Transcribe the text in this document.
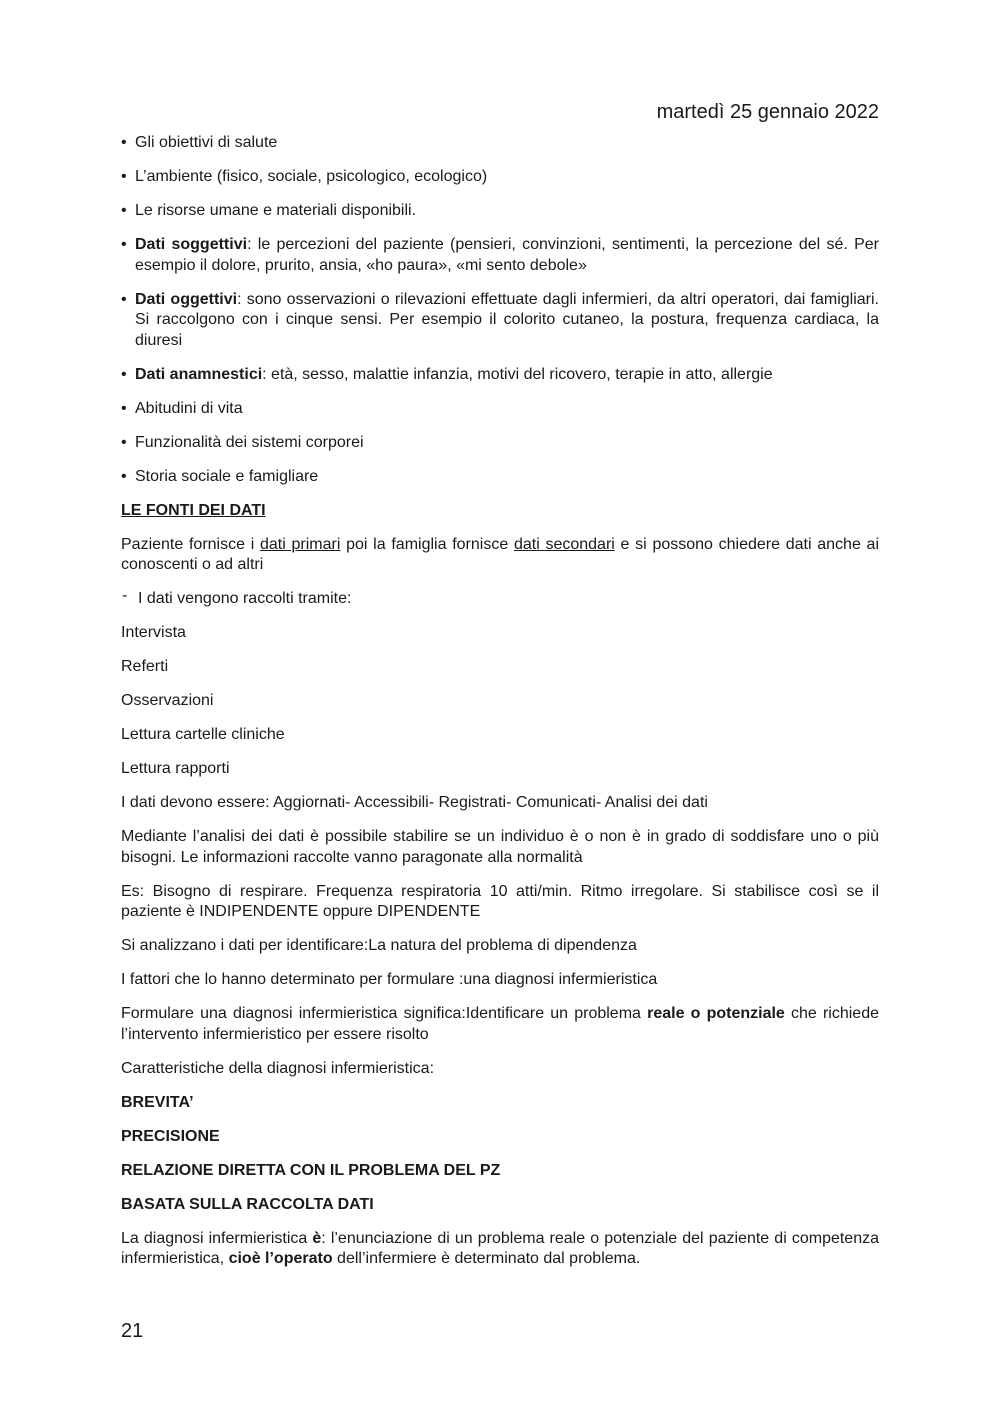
martedì 25 gennaio 2022
• Gli obiettivi di salute
• L’ambiente (fisico, sociale, psicologico, ecologico)
• Le risorse umane e materiali disponibili.
• Dati soggettivi: le percezioni del paziente (pensieri, convinzioni, sentimenti, la percezione del sé. Per esempio il dolore, prurito, ansia, «ho paura», «mi sento debole»
• Dati oggettivi: sono osservazioni o rilevazioni effettuate dagli infermieri, da altri operatori, dai famigliari. Si raccolgono con i cinque sensi. Per esempio il colorito cutaneo, la postura, frequenza cardiaca, la diuresi
• Dati anamnestici: età, sesso, malattie infanzia, motivi del ricovero, terapie in atto, allergie
• Abitudini di vita
• Funzionalità dei sistemi corporei
• Storia sociale e famigliare
LE FONTI DEI DATI
Paziente fornisce i dati primari poi la famiglia fornisce dati secondari e si possono chiedere dati anche ai conoscenti o ad altri
- I dati vengono raccolti tramite:
Intervista
Referti
Osservazioni
Lettura cartelle cliniche
Lettura rapporti
I dati devono essere: Aggiornati- Accessibili- Registrati- Comunicati- Analisi dei dati
Mediante l’analisi dei dati è possibile stabilire se un individuo è o non è in grado di soddisfare uno o più bisogni. Le informazioni raccolte vanno paragonate alla normalità
Es: Bisogno di respirare. Frequenza respiratoria 10 atti/min. Ritmo irregolare. Si stabilisce così se il paziente è INDIPENDENTE oppure DIPENDENTE
Si analizzano i dati per identificare:La natura del problema di dipendenza
I fattori che lo hanno determinato per formulare :una diagnosi infermieristica
Formulare una diagnosi infermieristica significa:Identificare un problema reale o potenziale che richiede l’intervento infermieristico per essere risolto
Caratteristiche della diagnosi infermieristica:
BREVITA’
PRECISIONE
RELAZIONE DIRETTA CON IL PROBLEMA DEL PZ
BASATA SULLA RACCOLTA DATI
La diagnosi infermieristica è: l’enunciazione di un problema reale o potenziale del paziente di competenza infermieristica, cioè l’operato dell’infermiere è determinato dal problema.
21
